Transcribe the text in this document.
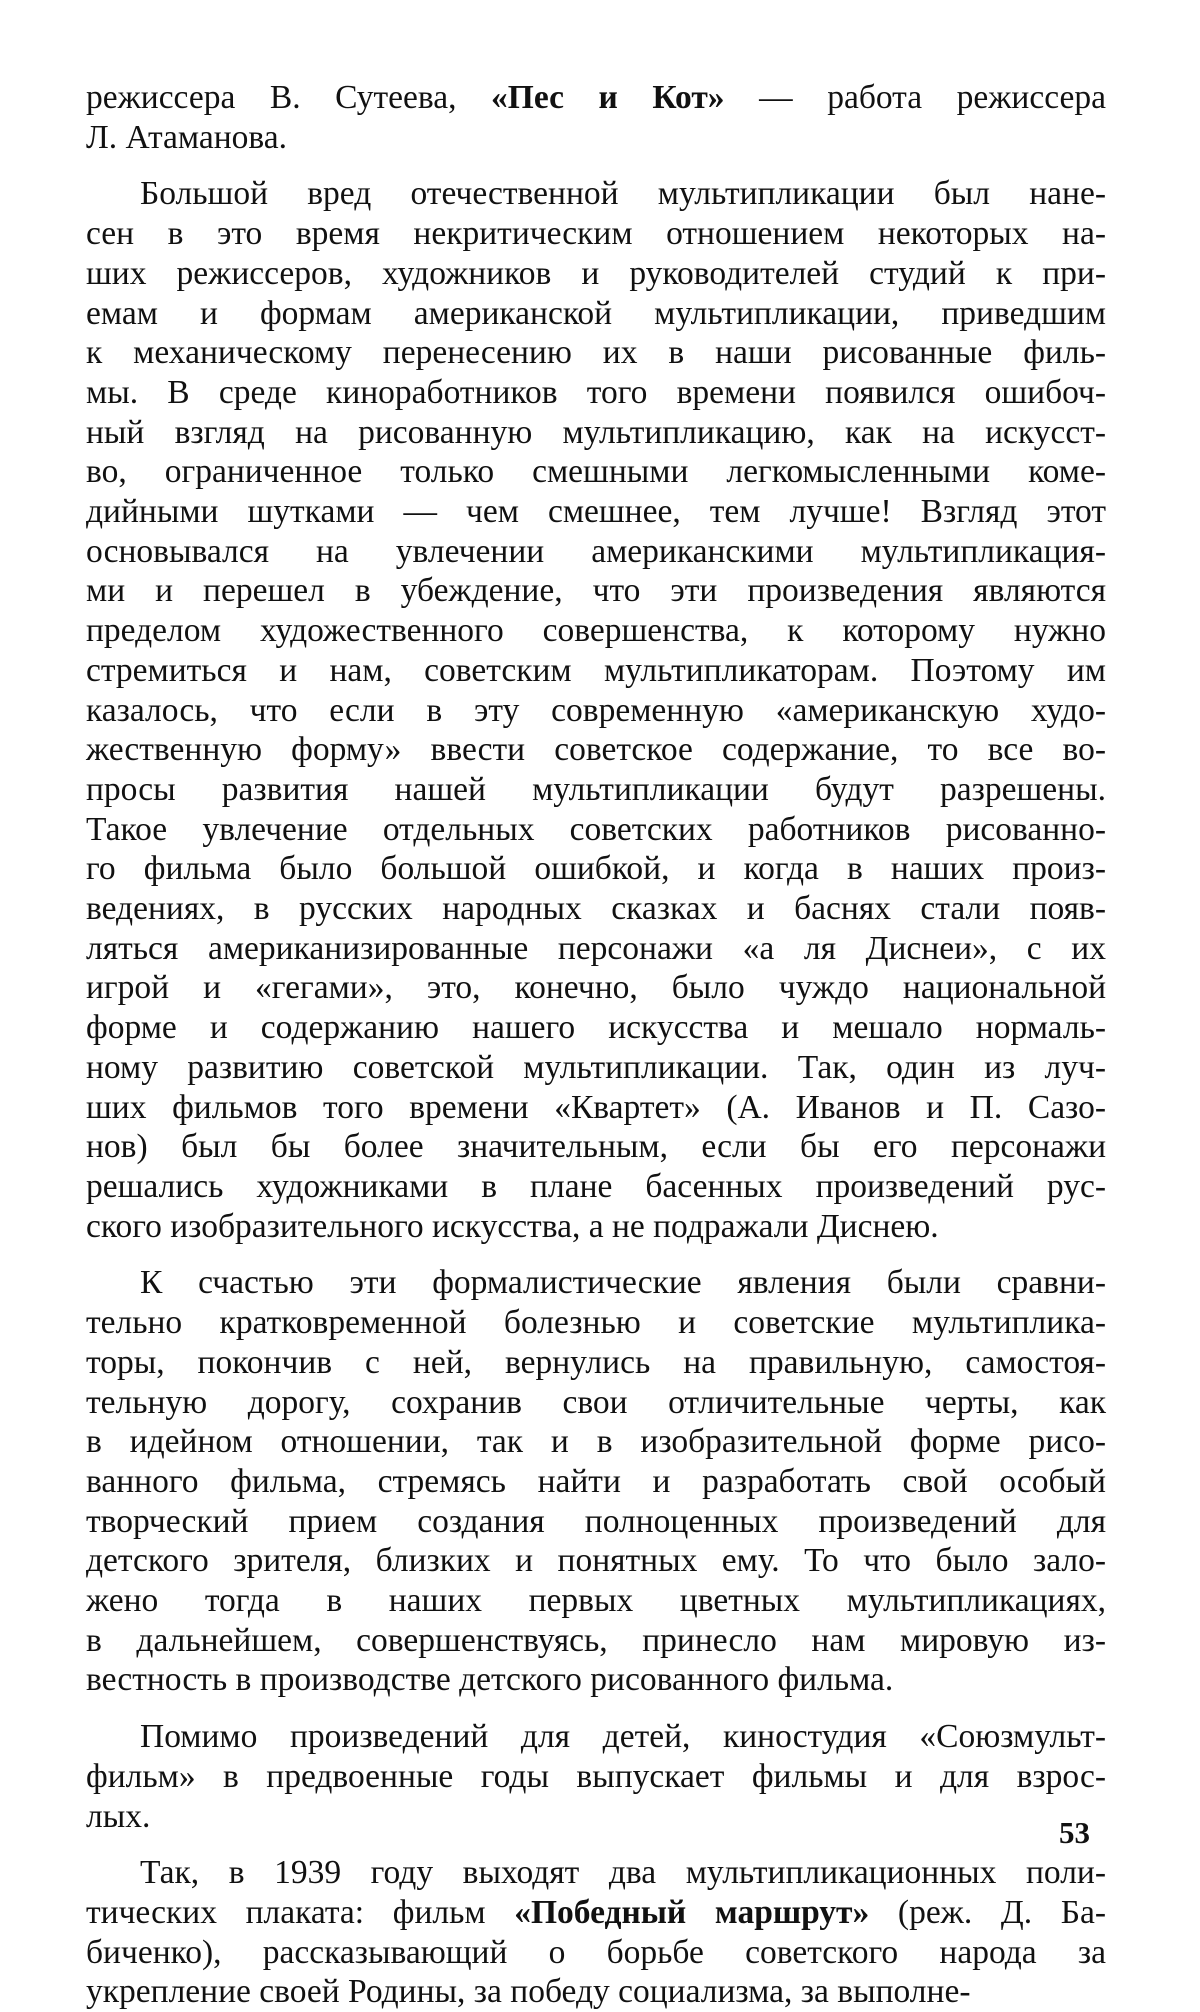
режиссера В. Сутеева, «Пес и Кот» — работа режиссера
Л. Атаманова.
Большой вред отечественной мультипликации был нане-
сен в это время некритическим отношением некоторых на-
ших режиссеров, художников и руководителей студий к при-
емам и формам американской мультипликации, приведшим
к механическому перенесению их в наши рисованные филь-
мы. В среде киноработников того времени появился ошибоч-
ный взгляд на рисованную мультипликацию, как на искусст-
во, ограниченное только смешными легкомысленными коме-
дийными шутками — чем смешнее, тем лучше! Взгляд этот
основывался на увлечении американскими мультипликация-
ми и перешел в убеждение, что эти произведения являются
пределом художественного совершенства, к которому нужно
стремиться и нам, советским мультипликаторам. Поэтому им
казалось, что если в эту современную «американскую худо-
жественную форму» ввести советское содержание, то все во-
просы развития нашей мультипликации будут разрешены.
Такое увлечение отдельных советских работников рисованно-
го фильма было большой ошибкой, и когда в наших произ-
ведениях, в русских народных сказках и баснях стали появ-
ляться американизированные персонажи «а ля Диснеи», с их
игрой и «гегами», это, конечно, было чуждо национальной
форме и содержанию нашего искусства и мешало нормаль-
ному развитию советской мультипликации. Так, один из луч-
ших фильмов того времени «Квартет» (А. Иванов и П. Сазо-
нов) был бы более значительным, если бы его персонажи
решались художниками в плане басенных произведений рус-
ского изобразительного искусства, а не подражали Диснею.
К счастью эти формалистические явления были сравни-
тельно кратковременной болезнью и советские мультиплика-
торы, покончив с ней, вернулись на правильную, самостоя-
тельную дорогу, сохранив свои отличительные черты, как
в идейном отношении, так и в изобразительной форме рисо-
ванного фильма, стремясь найти и разработать свой особый
творческий прием создания полноценных произведений для
детского зрителя, близких и понятных ему. То что было зало-
жено тогда в наших первых цветных мультипликациях,
в дальнейшем, совершенствуясь, принесло нам мировую из-
вестность в производстве детского рисованного фильма.
Помимо произведений для детей, киностудия «Союзмульт-
фильм» в предвоенные годы выпускает фильмы и для взрос-
лых.
Так, в 1939 году выходят два мультипликационных поли-
тических плаката: фильм «Победный маршрут» (реж. Д. Ба-
биченко), рассказывающий о борьбе советского народа за
укрепление своей Родины, за победу социализма, за выполне-
53
